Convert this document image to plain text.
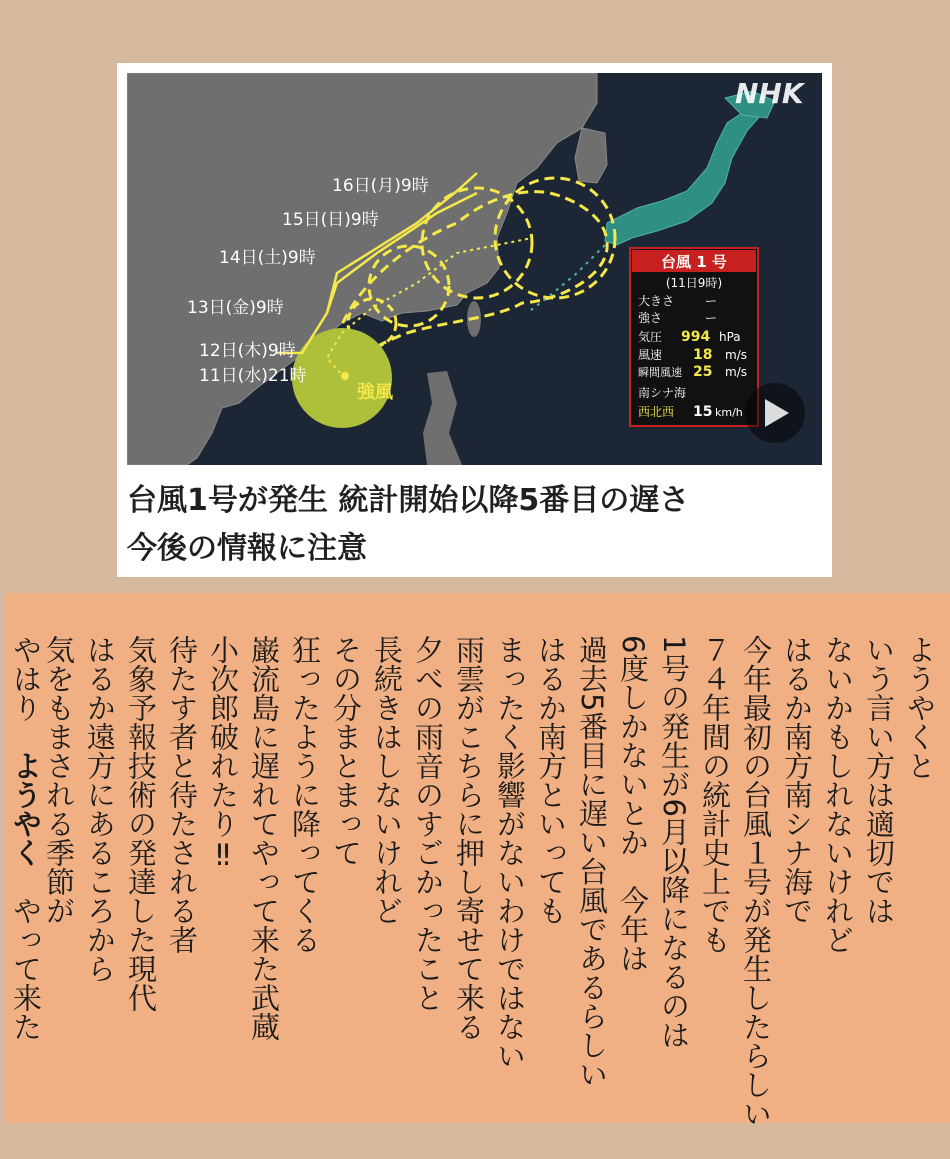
NHK
16日(月)9時
15日(日)9時
14日(土)9時
13日(金)9時
12日(木)9時
11日(水)21時
強風
台風 1 号
(11日9時)
大きさ	ー
強さ	ー
気圧 994 hPa
風速 18 m/s
瞬間風速 25 m/s
南シナ海
西北西 15 km/h
台風1号が発生 統計開始以降5番目の遅さ
今後の情報に注意
ようやくと
いう言い方は適切では
ないかもしれないけれど
はるか南方南シナ海で
今年最初の台風１号が発生したらしい
７４年間の統計史上でも
1号の発生が6月以降になるのは
6度しかないとか　今年は
過去5番目に遅い台風であるらしい
はるか南方といっても
まったく影響がないわけではない
雨雲がこちらに押し寄せて来る
夕べの雨音のすごかったこと
長続きはしないけれど
その分まとまって
狂ったように降ってくる
巌流島に遅れてやって来た武蔵
小次郎破れたり‼
待たす者と待たされる者
気象予報技術の発達した現代
はるか遠方にあるころから
気をもまされる季節が
やはり　ようやく　やって来た
